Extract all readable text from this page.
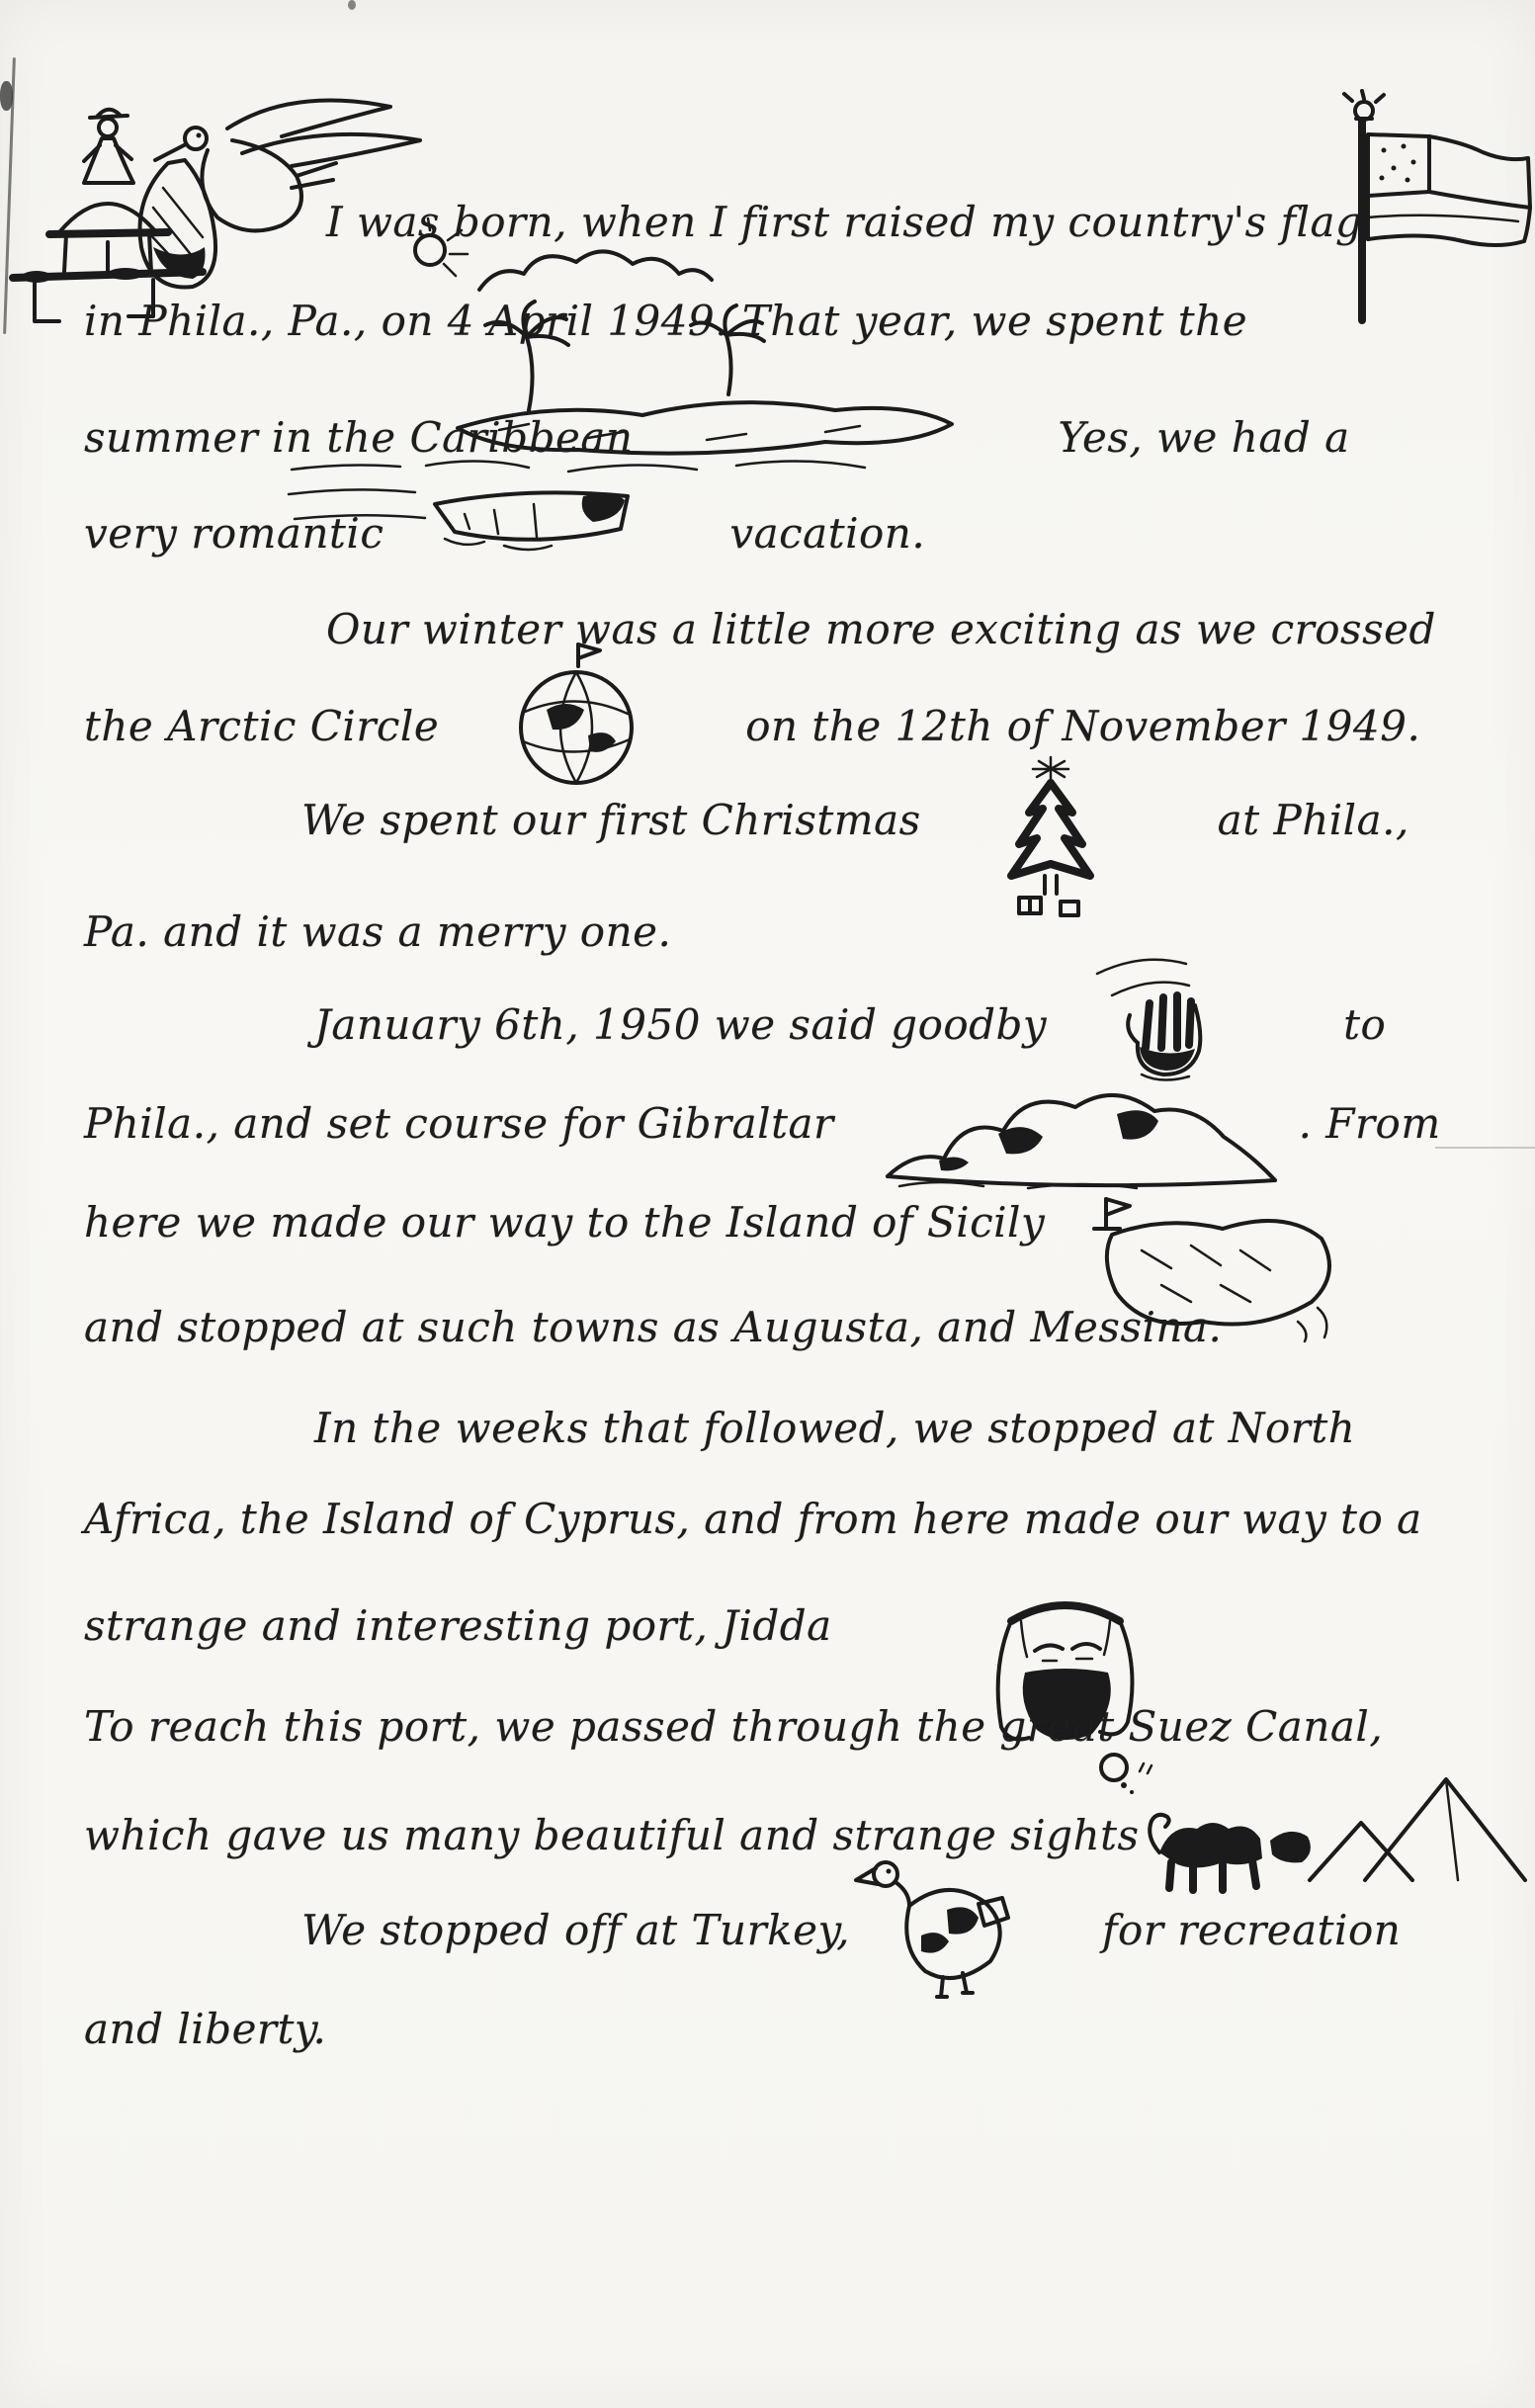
I was born, when I first raised my country's flag
in Phila., Pa., on 4 April 1949. That year, we spent the
summer in the Caribbean	Yes, we had a
very romantic	vacation.
Our winter was a little more exciting as we crossed
the Arctic Circle	on the 12th of November 1949.
We spent our first Christmas	at Phila.,
Pa. and it was a merry one.
January 6th, 1950 we said goodby	to
Phila., and set course for Gibraltar	. From
here we made our way to the Island of Sicily
and stopped at such towns as Augusta, and Messina.
In the weeks that followed, we stopped at North
Africa, the Island of Cyprus, and from here made our way to a
strange and interesting port, Jidda
To reach this port, we passed through the great Suez Canal,
which gave us many beautiful and strange sights
We stopped off at Turkey,	for recreation
and liberty.
